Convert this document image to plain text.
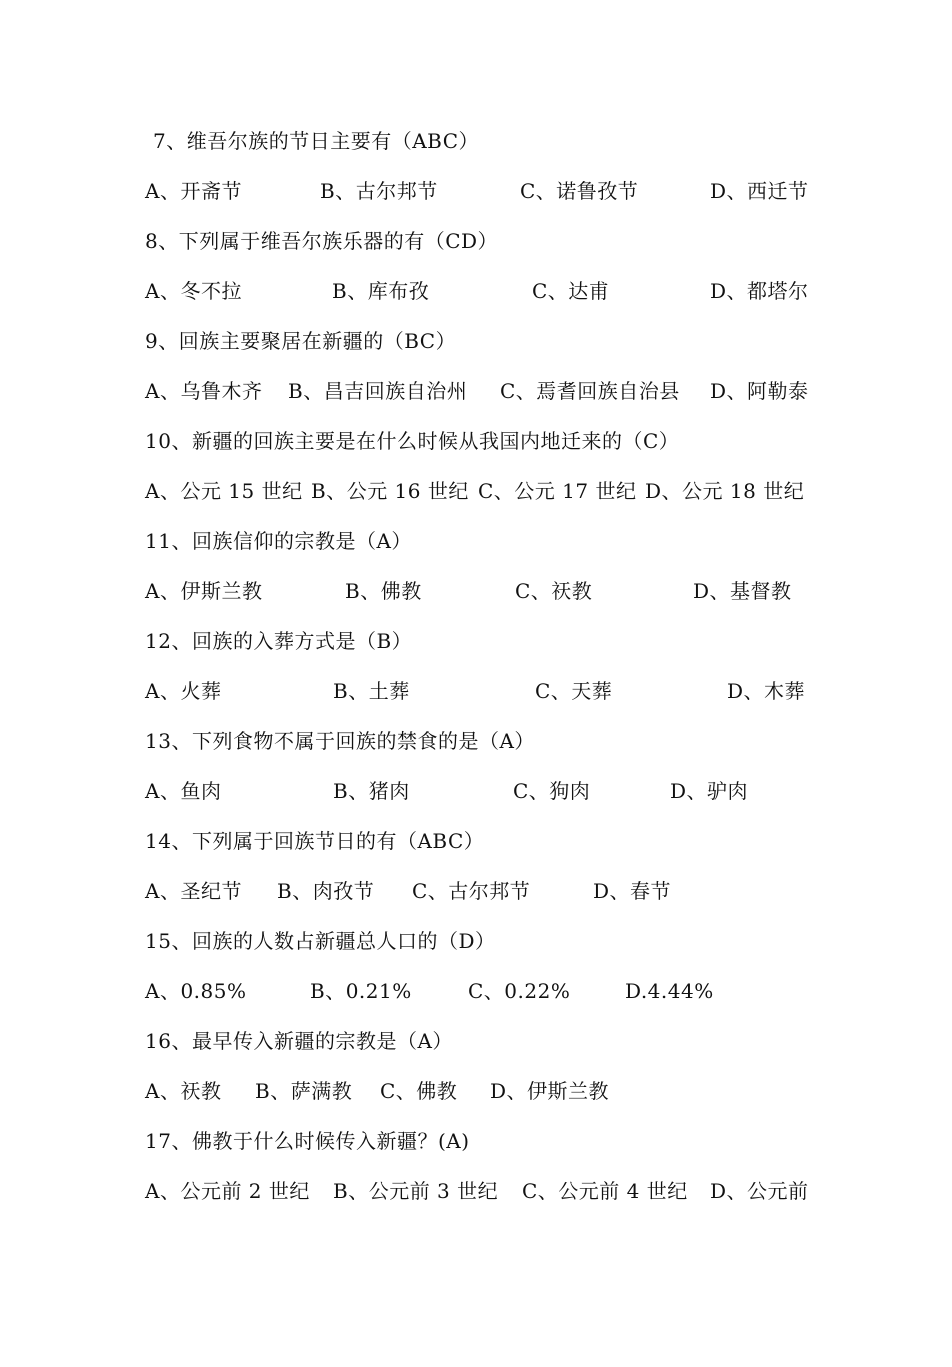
7、维吾尔族的节日主要有（ABC）

A、开斋节

	B、古尔邦节

	C、诺鲁孜节

	D、西迁节

8、下列属于维吾尔族乐器的有（CD）

A、冬不拉

	B、库布孜

	C、达甫

	D、都塔尔

9、回族主要聚居在新疆的（BC）

A、乌鲁木齐

B、昌吉回族自治州

C、焉耆回族自治县

D、阿勒泰

10、新疆的回族主要是在什么时候从我国内地迁来的（C）

A、公元 15 世纪

B、公元 16 世纪

C、公元 17 世纪

D、公元 18 世纪

11、回族信仰的宗教是（A）

A、伊斯兰教

	B、佛教

	C、祆教

	D、基督教

12、回族的入葬方式是（B）

A、火葬

	B、土葬

	C、天葬

	D、木葬

13、下列食物不属于回族的禁食的是（A）

A、鱼肉

	B、猪肉

	C、狗肉

	D、驴肉

14、下列属于回族节日的有（ABC）

A、圣纪节

B、肉孜节

C、古尔邦节

	D、春节

15、回族的人数占新疆总人口的（D）

A、0.85%

	B、0.21%

	C、0.22%

	D.4.44%

16、最早传入新疆的宗教是（A）

A、祆教

B、萨满教

C、佛教

D、伊斯兰教

17、佛教于什么时候传入新疆？(A)

A、公元前 2 世纪

B、公元前 3 世纪

C、公元前 4 世纪

D、公元前
